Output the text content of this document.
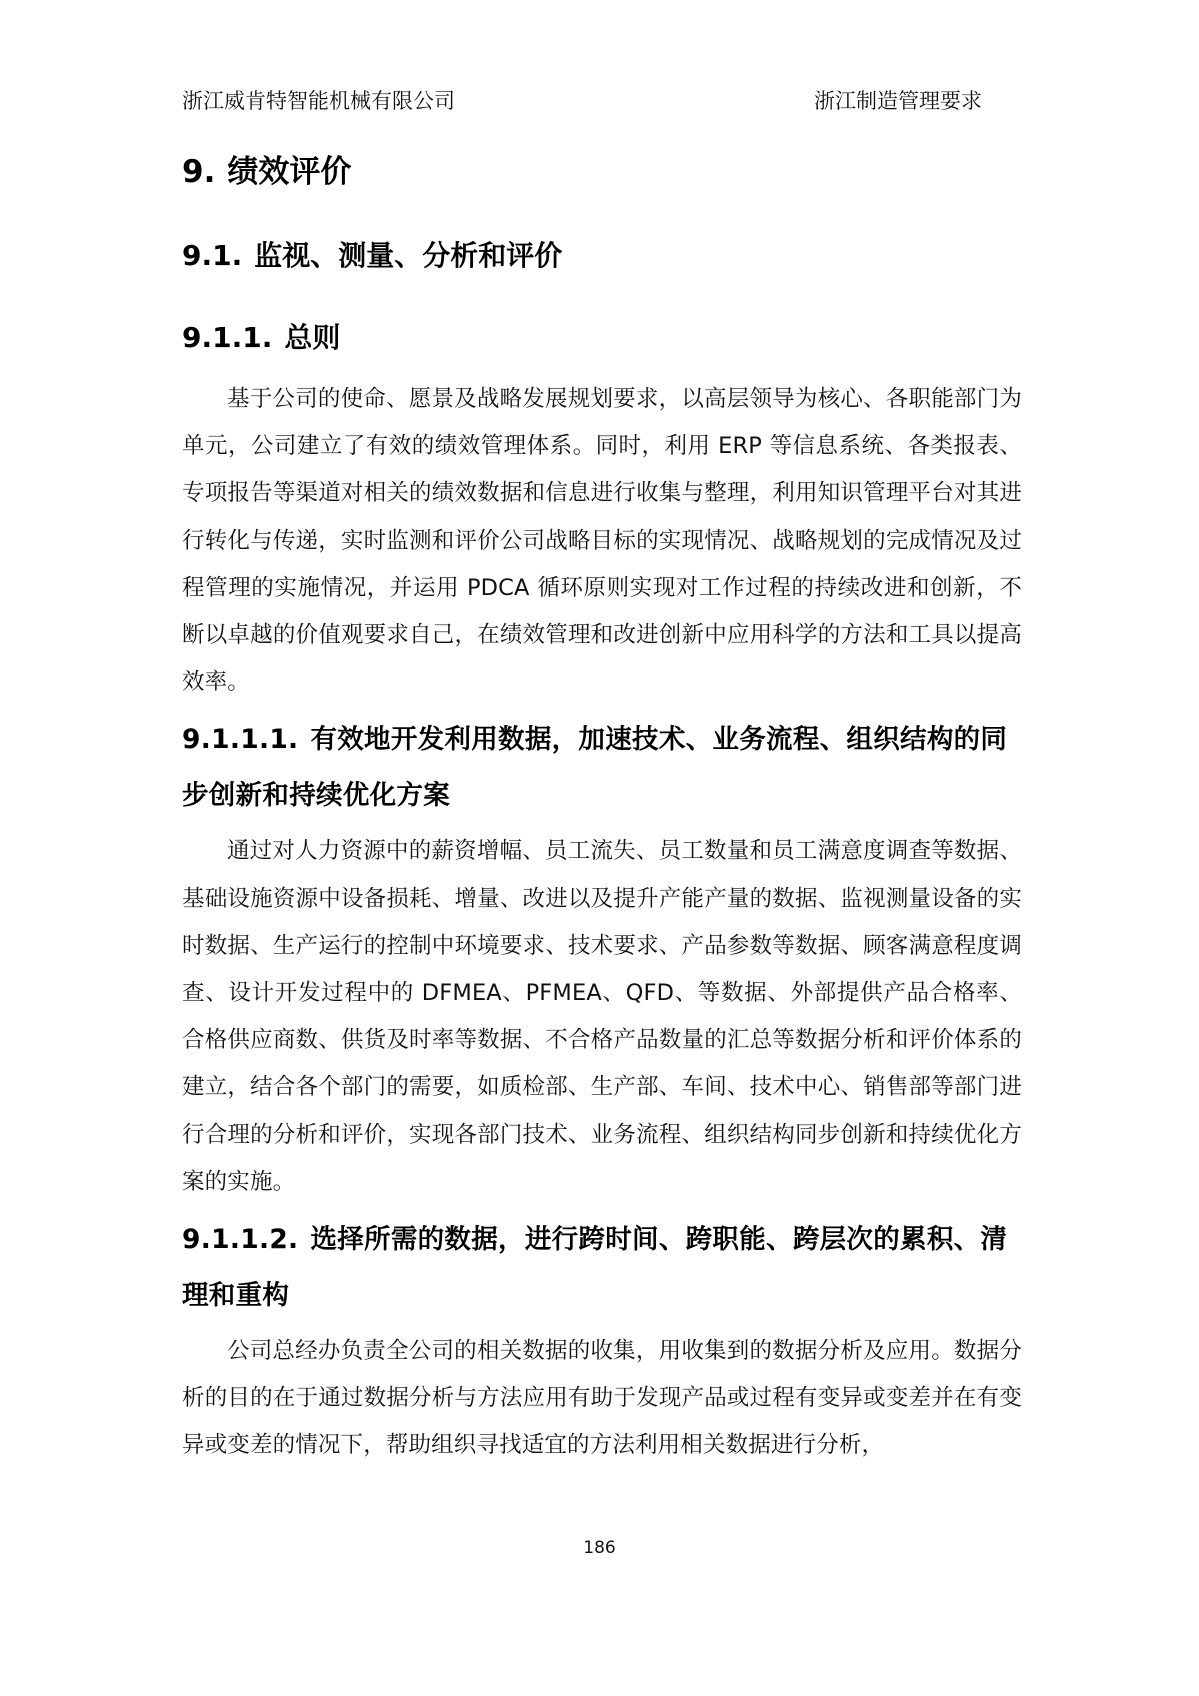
浙江威肯特智能机械有限公司	浙江制造管理要求
9. 绩效评价
9.1. 监视、测量、分析和评价
9.1.1. 总则

基于公司的使命、愿景及战略发展规划要求，以高层领导为核心、各职能部门为单元，公司建立了有效的绩效管理体系。同时，利用 ERP 等信息系统、各类报表、专项报告等渠道对相关的绩效数据和信息进行收集与整理，利用知识管理平台对其进行转化与传递，实时监测和评价公司战略目标的实现情况、战略规划的完成情况及过程管理的实施情况，并运用 PDCA 循环原则实现对工作过程的持续改进和创新，不断以卓越的价值观要求自己，在绩效管理和改进创新中应用科学的方法和工具以提高效率。

9.1.1.1. 有效地开发利用数据，加速技术、业务流程、组织结构的同步创新和持续优化方案

通过对人力资源中的薪资增幅、员工流失、员工数量和员工满意度调查等数据、基础设施资源中设备损耗、增量、改进以及提升产能产量的数据、监视测量设备的实时数据、生产运行的控制中环境要求、技术要求、产品参数等数据、顾客满意程度调查、设计开发过程中的 DFMEA、PFMEA、QFD、等数据、外部提供产品合格率、合格供应商数、供货及时率等数据、不合格产品数量的汇总等数据分析和评价体系的建立，结合各个部门的需要，如质检部、生产部、车间、技术中心、销售部等部门进行合理的分析和评价，实现各部门技术、业务流程、组织结构同步创新和持续优化方案的实施。

9.1.1.2. 选择所需的数据，进行跨时间、跨职能、跨层次的累积、清理和重构

公司总经办负责全公司的相关数据的收集，用收集到的数据分析及应用。数据分析的目的在于通过数据分析与方法应用有助于发现产品或过程有变异或变差并在有变异或变差的情况下，帮助组织寻找适宜的方法利用相关数据进行分析，

186
